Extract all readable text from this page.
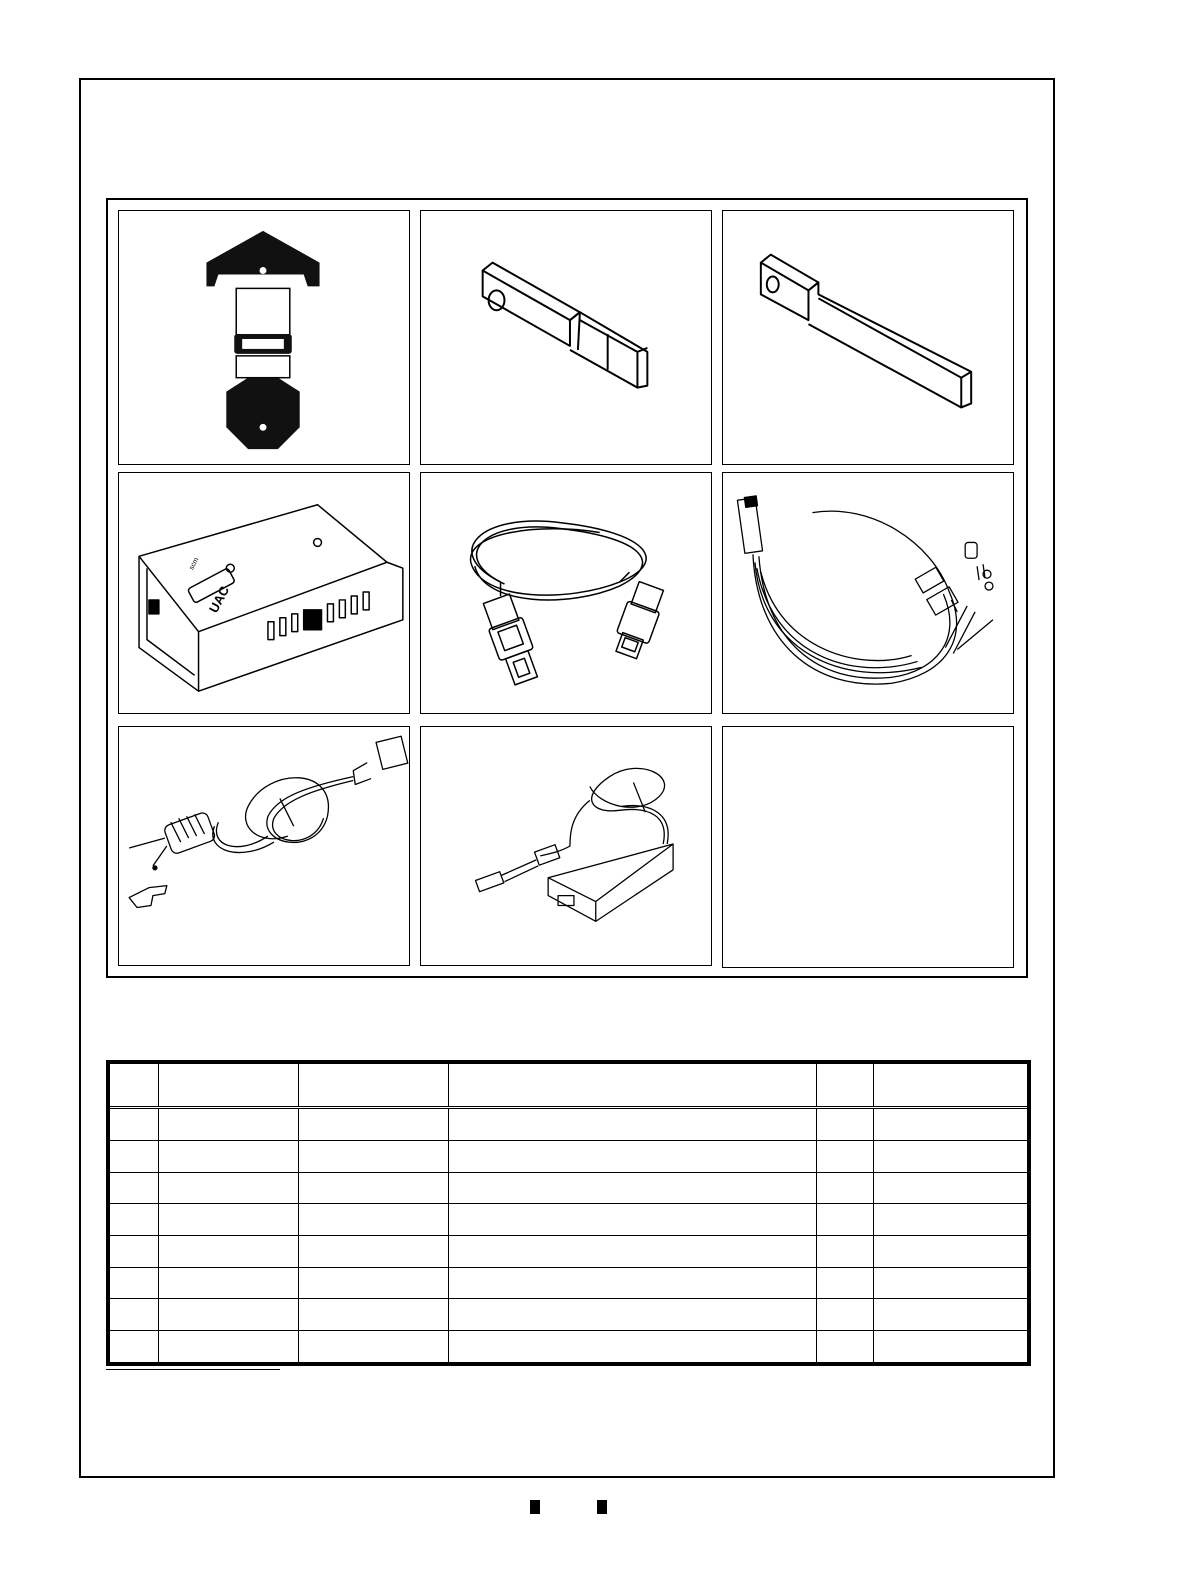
UAC
scm
